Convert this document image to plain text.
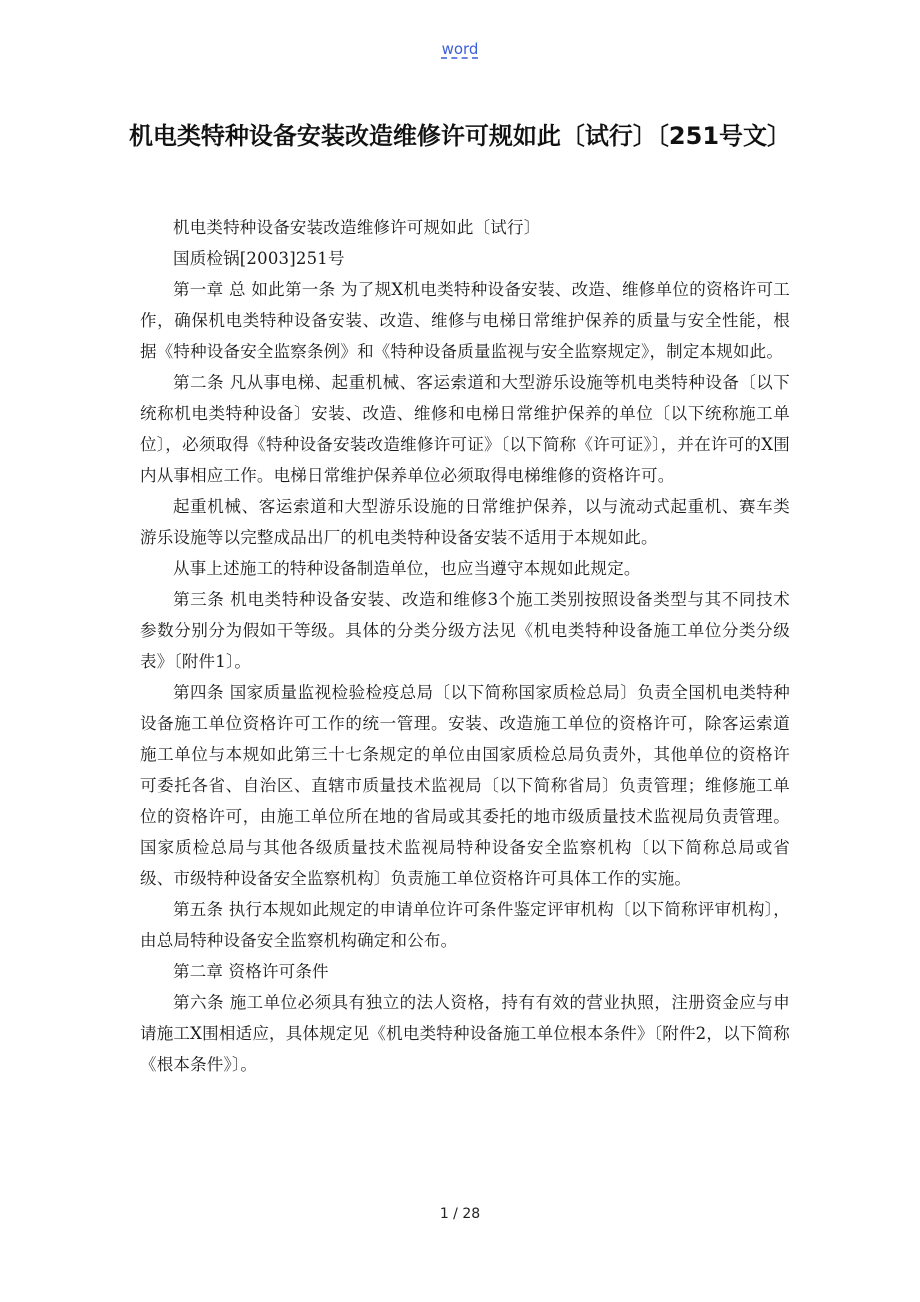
word
机电类特种设备安装改造维修许可规如此〔试行〕〔251号文〕

机电类特种设备安装改造维修许可规如此〔试行〕

国质检锅[2003]251号

第一章 总 如此第一条 为了规X机电类特种设备安装、改造、维修单位的资格许可工作，确保机电类特种设备安装、改造、维修与电梯日常维护保养的质量与安全性能，根据《特种设备安全监察条例》和《特种设备质量监视与安全监察规定》，制定本规如此。

第二条 凡从事电梯、起重机械、客运索道和大型游乐设施等机电类特种设备〔以下统称机电类特种设备〕安装、改造、维修和电梯日常维护保养的单位〔以下统称施工单位〕，必须取得《特种设备安装改造维修许可证》〔以下简称《许可证》〕，并在许可的X围内从事相应工作。电梯日常维护保养单位必须取得电梯维修的资格许可。

起重机械、客运索道和大型游乐设施的日常维护保养，以与流动式起重机、赛车类游乐设施等以完整成品出厂的机电类特种设备安装不适用于本规如此。

从事上述施工的特种设备制造单位，也应当遵守本规如此规定。

第三条 机电类特种设备安装、改造和维修3个施工类别按照设备类型与其不同技术参数分别分为假如干等级。具体的分类分级方法见《机电类特种设备施工单位分类分级表》〔附件1〕。

第四条 国家质量监视检验检疫总局〔以下简称国家质检总局〕负责全国机电类特种设备施工单位资格许可工作的统一管理。安装、改造施工单位的资格许可，除客运索道施工单位与本规如此第三十七条规定的单位由国家质检总局负责外，其他单位的资格许可委托各省、自治区、直辖市质量技术监视局〔以下简称省局〕负责管理；维修施工单位的资格许可，由施工单位所在地的省局或其委托的地市级质量技术监视局负责管理。国家质检总局与其他各级质量技术监视局特种设备安全监察机构〔以下简称总局或省级、市级特种设备安全监察机构〕负责施工单位资格许可具体工作的实施。

第五条 执行本规如此规定的申请单位许可条件鉴定评审机构〔以下简称评审机构〕，由总局特种设备安全监察机构确定和公布。

第二章 资格许可条件

第六条 施工单位必须具有独立的法人资格，持有有效的营业执照，注册资金应与申请施工X围相适应，具体规定见《机电类特种设备施工单位根本条件》〔附件2，以下简称《根本条件》〕。

1 / 28
